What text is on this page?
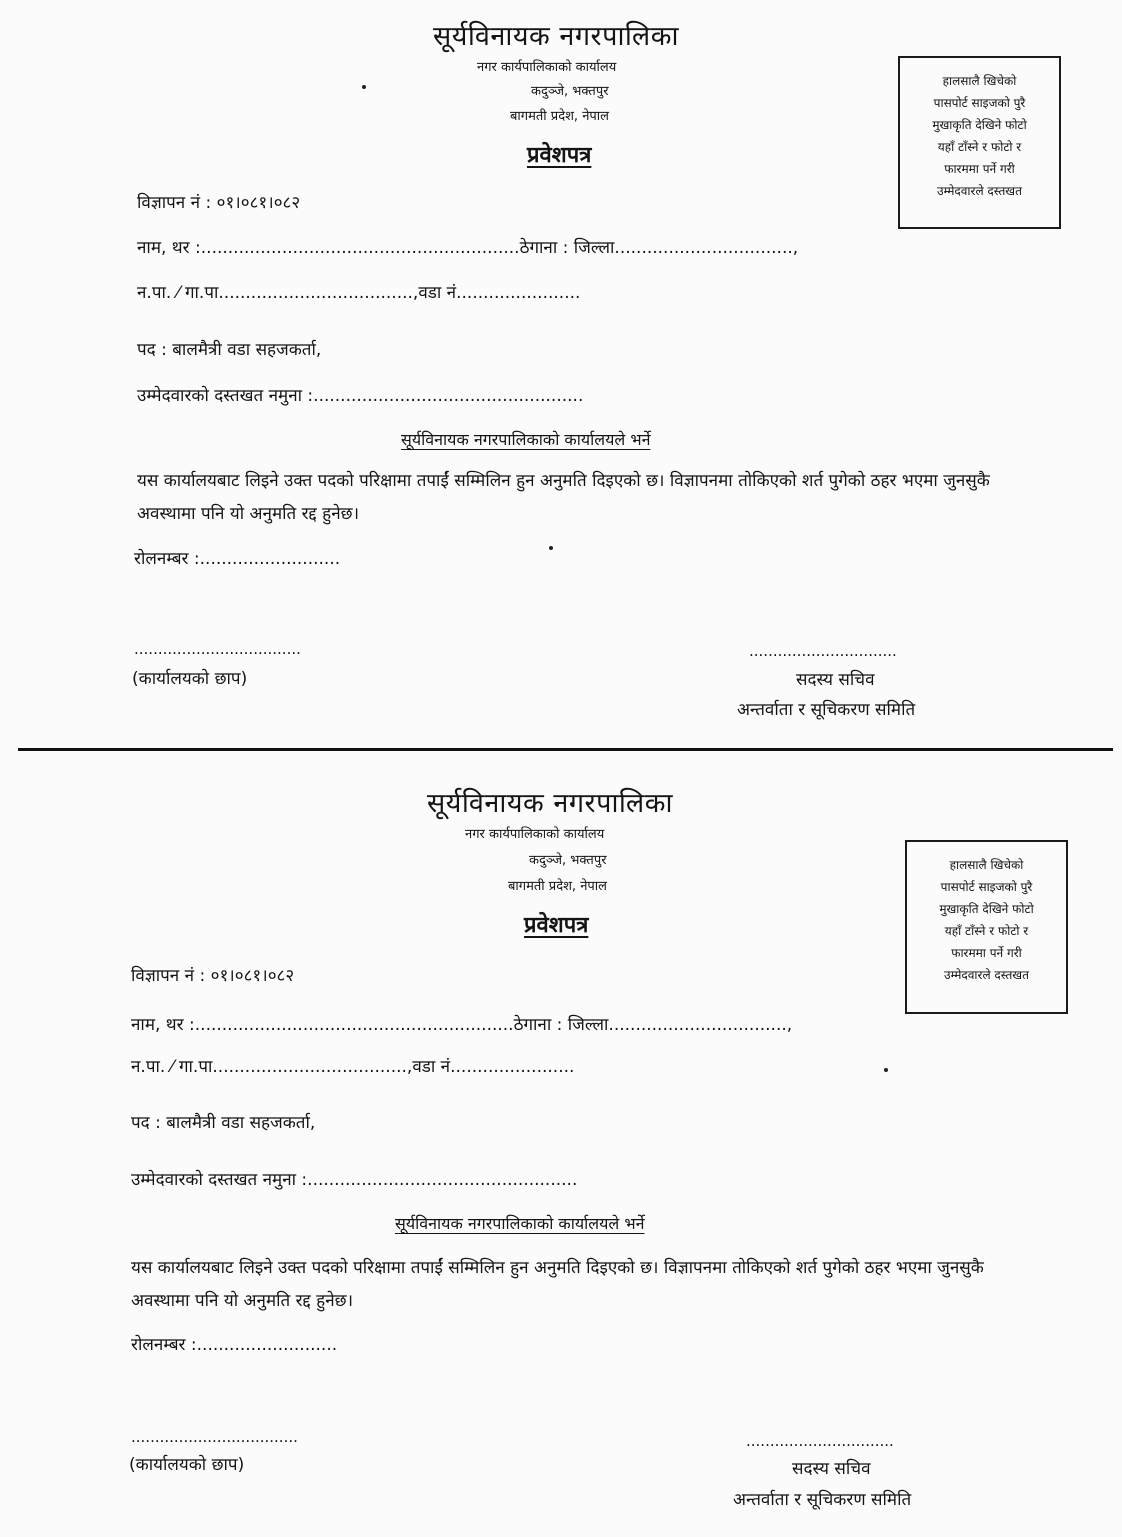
सूर्यविनायक नगरपालिका
नगर कार्यपालिकाको कार्यालय
कदुञ्जे, भक्तपुर
बागमती प्रदेश, नेपाल
प्रवेशपत्र
हालसालै खिचेको
पासपोर्ट साइजको पुरै
मुखाकृति देखिने फोटो
यहाँ टाँस्ने र फोटो र
फारममा पर्ने गरी
उम्मेदवारले दस्तखत
विज्ञापन नं : ०१।०८१।०८२
नाम, थर :...........................................................ठेगाना : जिल्ला.................................,
न.पा. ⁄ गा.पा....................................,वडा नं.......................
पद : बालमैत्री वडा सहजकर्ता,
उम्मेदवारको दस्तखत नमुना :..................................................
सूर्यविनायक नगरपालिकाको कार्यालयले भर्ने
यस कार्यालयबाट लिइने उक्त पदको परिक्षामा तपाईं सम्मिलिन हुन अनुमति दिइएको छ। विज्ञापनमा तोकिएको शर्त पुगेको ठहर भएमा जुनसुकै अवस्थामा पनि यो अनुमति रद्द हुनेछ।
रोलनम्बर :..........................
...................................
(कार्यालयको छाप)
...............................
सदस्य सचिव
अन्तर्वाता र सूचिकरण समिति
सूर्यविनायक नगरपालिका
नगर कार्यपालिकाको कार्यालय
कदुञ्जे, भक्तपुर
बागमती प्रदेश, नेपाल
प्रवेशपत्र
हालसालै खिचेको
पासपोर्ट साइजको पुरै
मुखाकृति देखिने फोटो
यहाँ टाँस्ने र फोटो र
फारममा पर्ने गरी
उम्मेदवारले दस्तखत
विज्ञापन नं : ०१।०८१।०८२
नाम, थर :...........................................................ठेगाना : जिल्ला.................................,
न.पा. ⁄ गा.पा....................................,वडा नं.......................
पद : बालमैत्री वडा सहजकर्ता,
उम्मेदवारको दस्तखत नमुना :..................................................
सूर्यविनायक नगरपालिकाको कार्यालयले भर्ने
यस कार्यालयबाट लिइने उक्त पदको परिक्षामा तपाईं सम्मिलिन हुन अनुमति दिइएको छ। विज्ञापनमा तोकिएको शर्त पुगेको ठहर भएमा जुनसुकै अवस्थामा पनि यो अनुमति रद्द हुनेछ।
रोलनम्बर :..........................
...................................
(कार्यालयको छाप)
...............................
सदस्य सचिव
अन्तर्वाता र सूचिकरण समिति
